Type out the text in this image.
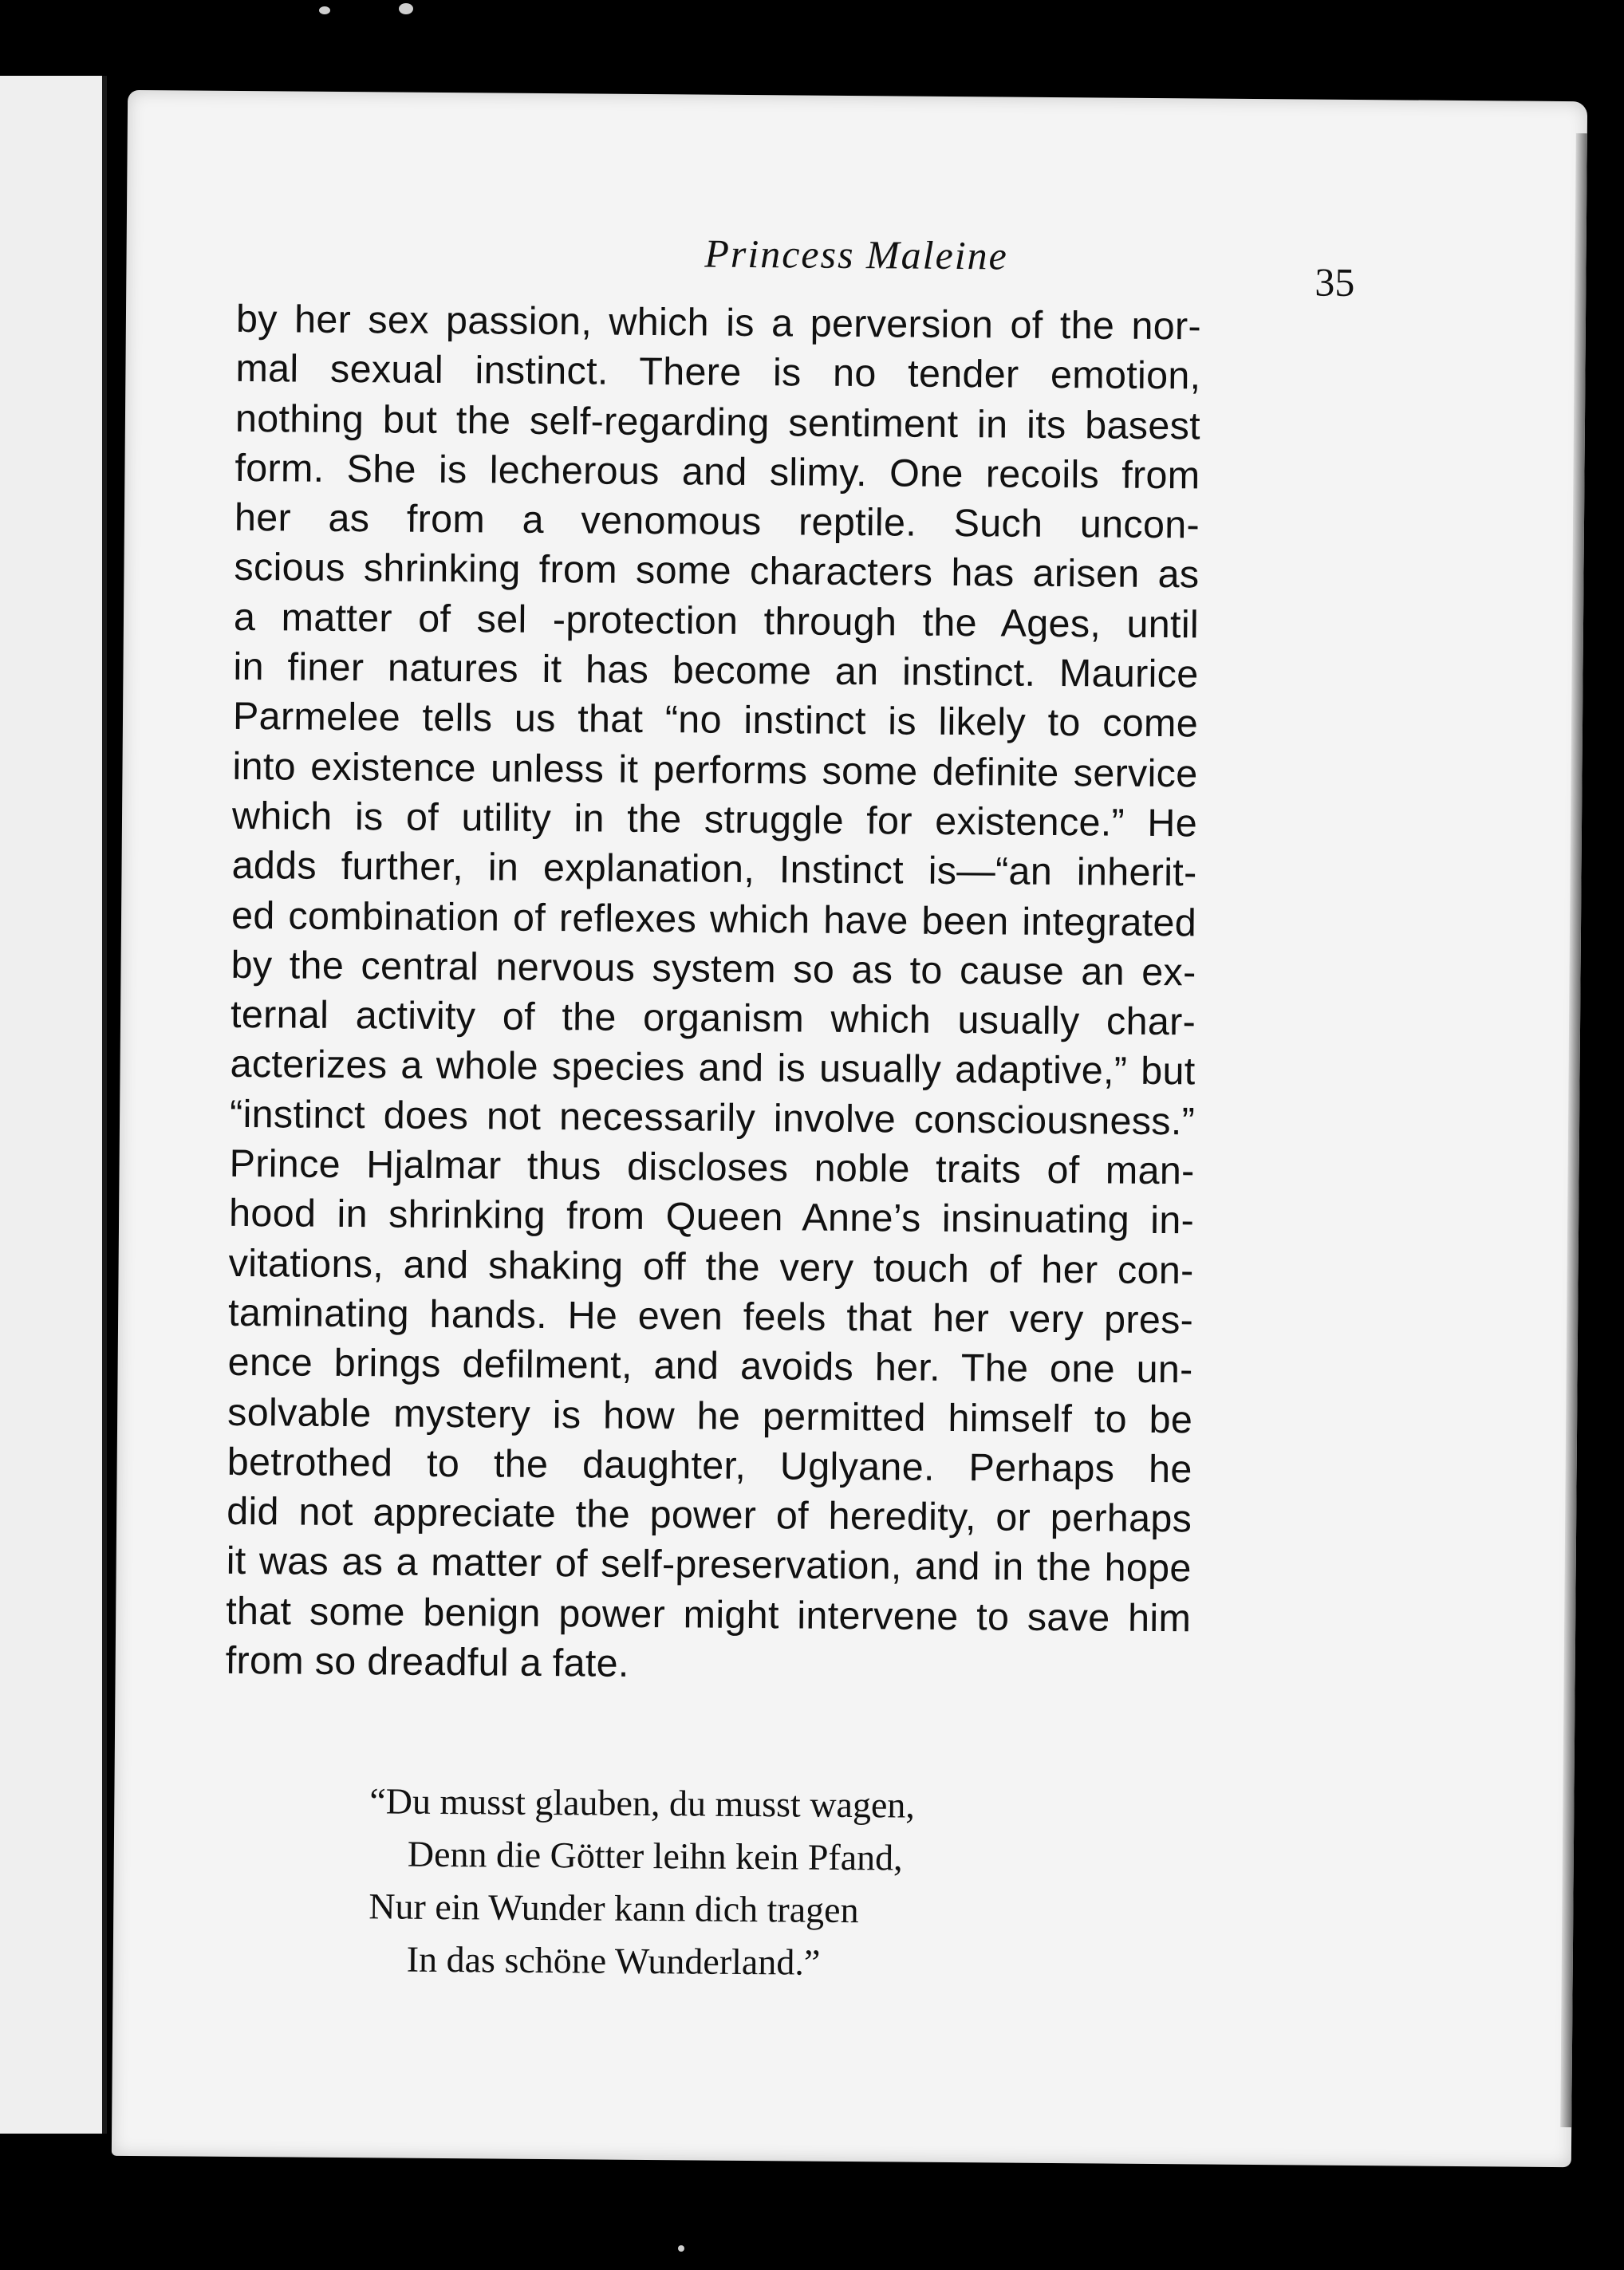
Princess Maleine
35
by her sex passion, which is a perversion of the nor-
mal sexual instinct. There is no tender emotion,
nothing but the self-regarding sentiment in its basest
form. She is lecherous and slimy. One recoils from
her as from a venomous reptile. Such uncon-
scious shrinking from some characters has arisen as
a matter of sel -protection through the Ages, until
in finer natures it has become an instinct. Maurice
Parmelee tells us that “no instinct is likely to come
into existence unless it performs some definite service
which is of utility in the struggle for existence.” He
adds further, in explanation, Instinct is—“an inherit-
ed combination of reflexes which have been integrated
by the central nervous system so as to cause an ex-
ternal activity of the organism which usually char-
acterizes a whole species and is usually adaptive,” but
“instinct does not necessarily involve consciousness.”
Prince Hjalmar thus discloses noble traits of man-
hood in shrinking from Queen Anne’s insinuating in-
vitations, and shaking off the very touch of her con-
taminating hands. He even feels that her very pres-
ence brings defilment, and avoids her. The one un-
solvable mystery is how he permitted himself to be
betrothed to the daughter, Uglyane. Perhaps he
did not appreciate the power of heredity, or perhaps
it was as a matter of self-preservation, and in the hope
that some benign power might intervene to save him
from so dreadful a fate.
“Du musst glauben, du musst wagen,
Denn die Götter leihn kein Pfand,
Nur ein Wunder kann dich tragen
In das schöne Wunderland.”
